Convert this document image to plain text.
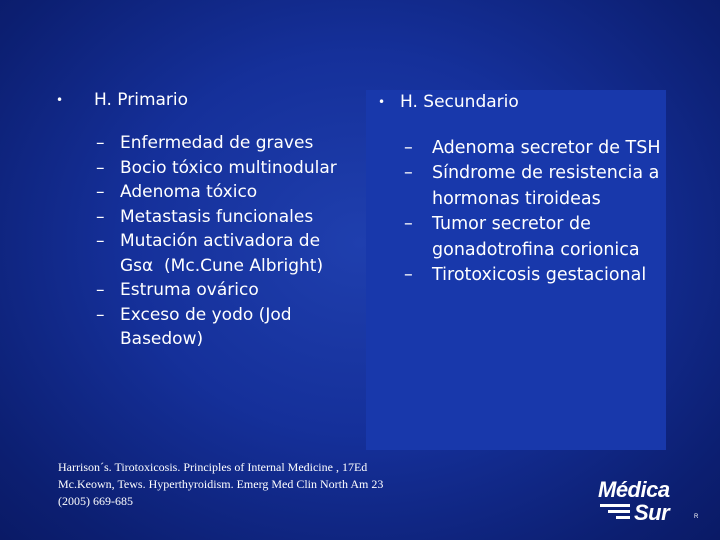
•	H. Primario
– Enfermedad de graves
– Bocio tóxico multinodular
– Adenoma tóxico
– Metastasis funcionales
– Mutación activadora de Gsα  (Mc.Cune Albright)
– Estruma ovárico
– Exceso de yodo (Jod Basedow)
• H. Secundario
–	Adenoma secretor de TSH
–	Síndrome de resistencia a hormonas tiroideas
–	Tumor secretor de gonadotrofina corionica
–	Tirotoxicosis gestacional
Harrison´s. Tirotoxicosis. Principles of Internal Medicine , 17Ed
Mc.Keown, Tews. Hyperthyroidism. Emerg Med Clin North Am 23
(2005) 669-685	Médica
Sur	R
